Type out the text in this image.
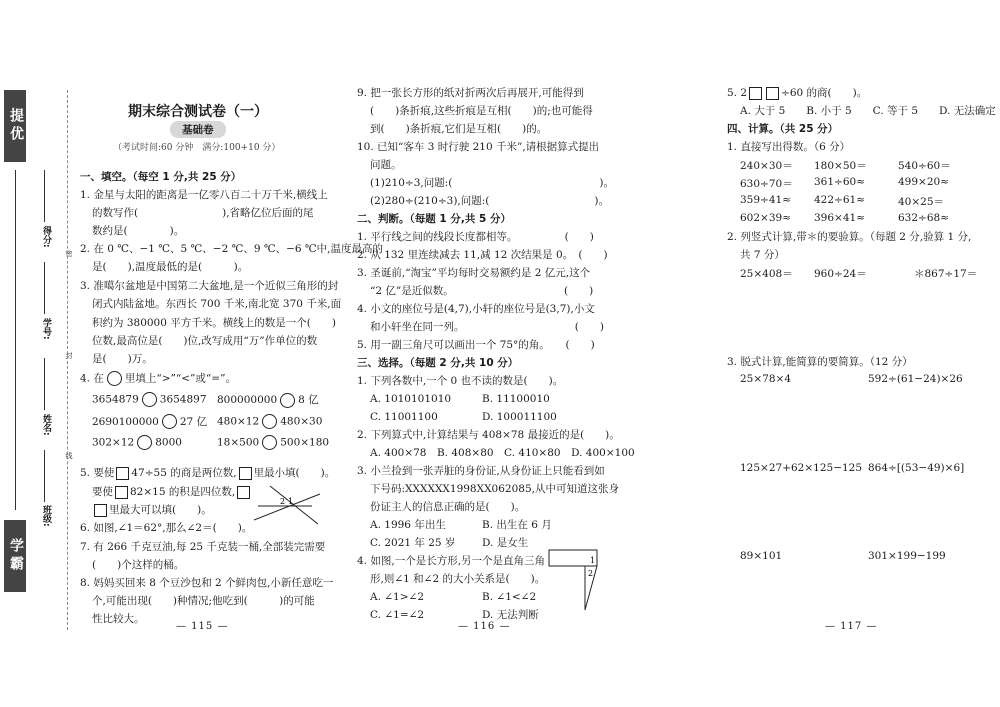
提优
学霸
得分:
学号:
姓名:
班级:
密
封
线
期末综合测试卷（一）
基础卷
（考试时间:60 分钟　满分:100+10 分）
一、填空。（每空 1 分,共 25 分）
1. 金星与太阳的距离是一亿零八百二十万千米,横线上
的数写作(　　　　　　　　),省略亿位后面的尾
数约是(　　　　)。
2. 在 0 ℃、−1 ℃、5 ℃、−2 ℃、9 ℃、−6 ℃中,温度最高的
是(　　),温度最低的是(　　　)。
3. 准噶尔盆地是中国第二大盆地,是一个近似三角形的封
闭式内陆盆地。东西长 700 千米,南北宽 370 千米,面
积约为 380000 平方千米。横线上的数是一个(　　)
位数,最高位是(　　)位,改写成用“万”作单位的数
是(　　)万。
4. 在 里填上“>”“<”或“=”。
3654879 3654897 800000000 8 亿
2690100000 27 亿 480×12 480×30
302×12 8000	18×500 500×180
5. 要使 47÷55 的商是两位数, 里最小填(　　)。
要使 82×15 的积是四位数,
里最大可以填(　　)。
6. 如图,∠1＝62°,那么∠2＝(　　)。
1
2
7. 有 266 千克豆油,每 25 千克装一桶,全部装完需要
(　　)个这样的桶。
8. 妈妈买回来 8 个豆沙包和 2 个鲜肉包,小新任意吃一
个,可能出现(　　)种情况;他吃到(　　　)的可能
性比较大。
— 115 —
9. 把一张长方形的纸对折两次后再展开,可能得到
(　　)条折痕,这些折痕是互相(　　)的;也可能得
到(　　)条折痕,它们是互相(　　)的。
10. 已知“客车 3 时行驶 210 千米”,请根据算式提出
问题。
(1)210÷3,问题:(　　　　　　　　　　　　　　)。
(2)280÷(210÷3),问题:(　　　　　　　　　　)。
二、判断。（每题 1 分,共 5 分）
1. 平行线之间的线段长度都相等。　　　　　(　　)
2. 从 132 里连续减去 11,减 12 次结果是 0。　(　　)
3. 圣诞前,“淘宝”平均每时交易额约是 2 亿元,这个
“2 亿”是近似数。　　　　　　　　　　　(　　)
4. 小文的座位号是(4,7),小轩的座位号是(3,7),小文
和小轩坐在同一列。　　　　　　　　　　　(　　)
5. 用一副三角尺可以画出一个 75°的角。　　(　　)
三、选择。（每题 2 分,共 10 分）
1. 下列各数中,一个 0 也不读的数是(　　)。
A. 1010101010	B. 11100010
C. 11001100	D. 100011100
2. 下列算式中,计算结果与 408×78 最接近的是(　　)。
A. 400×78　B. 408×80　C. 410×80　D. 400×100
3. 小兰捡到一张弄脏的身份证,从身份证上只能看到如
下号码:XXXXXX1998XX062085,从中可知道这张身
份证主人的信息正确的是(　　)。
A. 1996 年出生	B. 出生在 6 月
C. 2021 年 25 岁	D. 是女生
4. 如图,一个是长方形,另一个是直角三角
形,则∠1 和∠2 的大小关系是(　　)。
A. ∠1>∠2	B. ∠1<∠2
C. ∠1=∠2	D. 无法判断
1
2
— 116 —
5. 2	÷60 的商(　　)。
A. 大于 5　　B. 小于 5　　C. 等于 5　　D. 无法确定
四、计算。（共 25 分）
1. 直接写出得数。（6 分）
240×30＝	180×50＝	540÷60＝
630÷70＝	361÷60≈	499×20≈
359÷41≈	422÷61≈	40×25＝
602×39≈	396×41≈	632÷68≈
2. 列竖式计算,带＊的要验算。（每题 2 分,验算 1 分,
共 7 分）
25×408＝	960÷24＝	＊867÷17＝
3. 脱式计算,能简算的要简算。（12 分）
25×78×4	592÷(61−24)×26
125×27+62×125−125 864÷[(53−49)×6]
89×101	301×199−199
— 117 —
